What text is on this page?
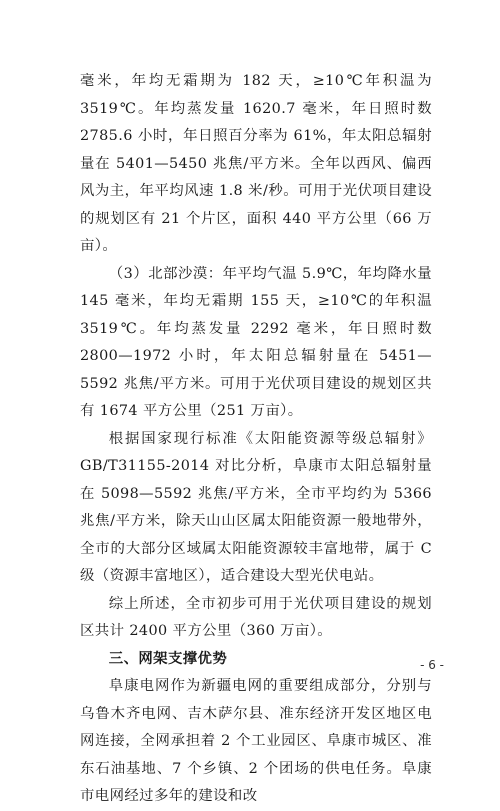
毫米，年均无霜期为 182 天，≥10℃年积温为 3519℃。年均蒸发量 1620.7 毫米，年日照时数 2785.6 小时，年日照百分率为 61%，年太阳总辐射量在 5401—5450 兆焦/平方米。全年以西风、偏西风为主，年平均风速 1.8 米/秒。可用于光伏项目建设的规划区有 21 个片区，面积 440 平方公里（66 万亩）。

（3）北部沙漠：年平均气温 5.9℃，年均降水量 145 毫米，年均无霜期 155 天，≥10℃的年积温 3519℃。年均蒸发量 2292 毫米，年日照时数 2800—1972 小时，年太阳总辐射量在 5451—5592 兆焦/平方米。可用于光伏项目建设的规划区共有 1674 平方公里（251 万亩）。

根据国家现行标准《太阳能资源等级总辐射》GB/T31155-2014 对比分析，阜康市太阳总辐射量在 5098—5592 兆焦/平方米，全市平均约为 5366 兆焦/平方米，除天山山区属太阳能资源一般地带外，全市的大部分区域属太阳能资源较丰富地带，属于 C 级（资源丰富地区），适合建设大型光伏电站。

综上所述，全市初步可用于光伏项目建设的规划区共计 2400 平方公里（360 万亩）。

三、网架支撑优势

阜康电网作为新疆电网的重要组成部分，分别与乌鲁木齐电网、吉木萨尔县、准东经济开发区地区电网连接，全网承担着 2 个工业园区、阜康市城区、准东石油基地、7 个乡镇、2 个团场的供电任务。阜康市电网经过多年的建设和改

- 6 -
